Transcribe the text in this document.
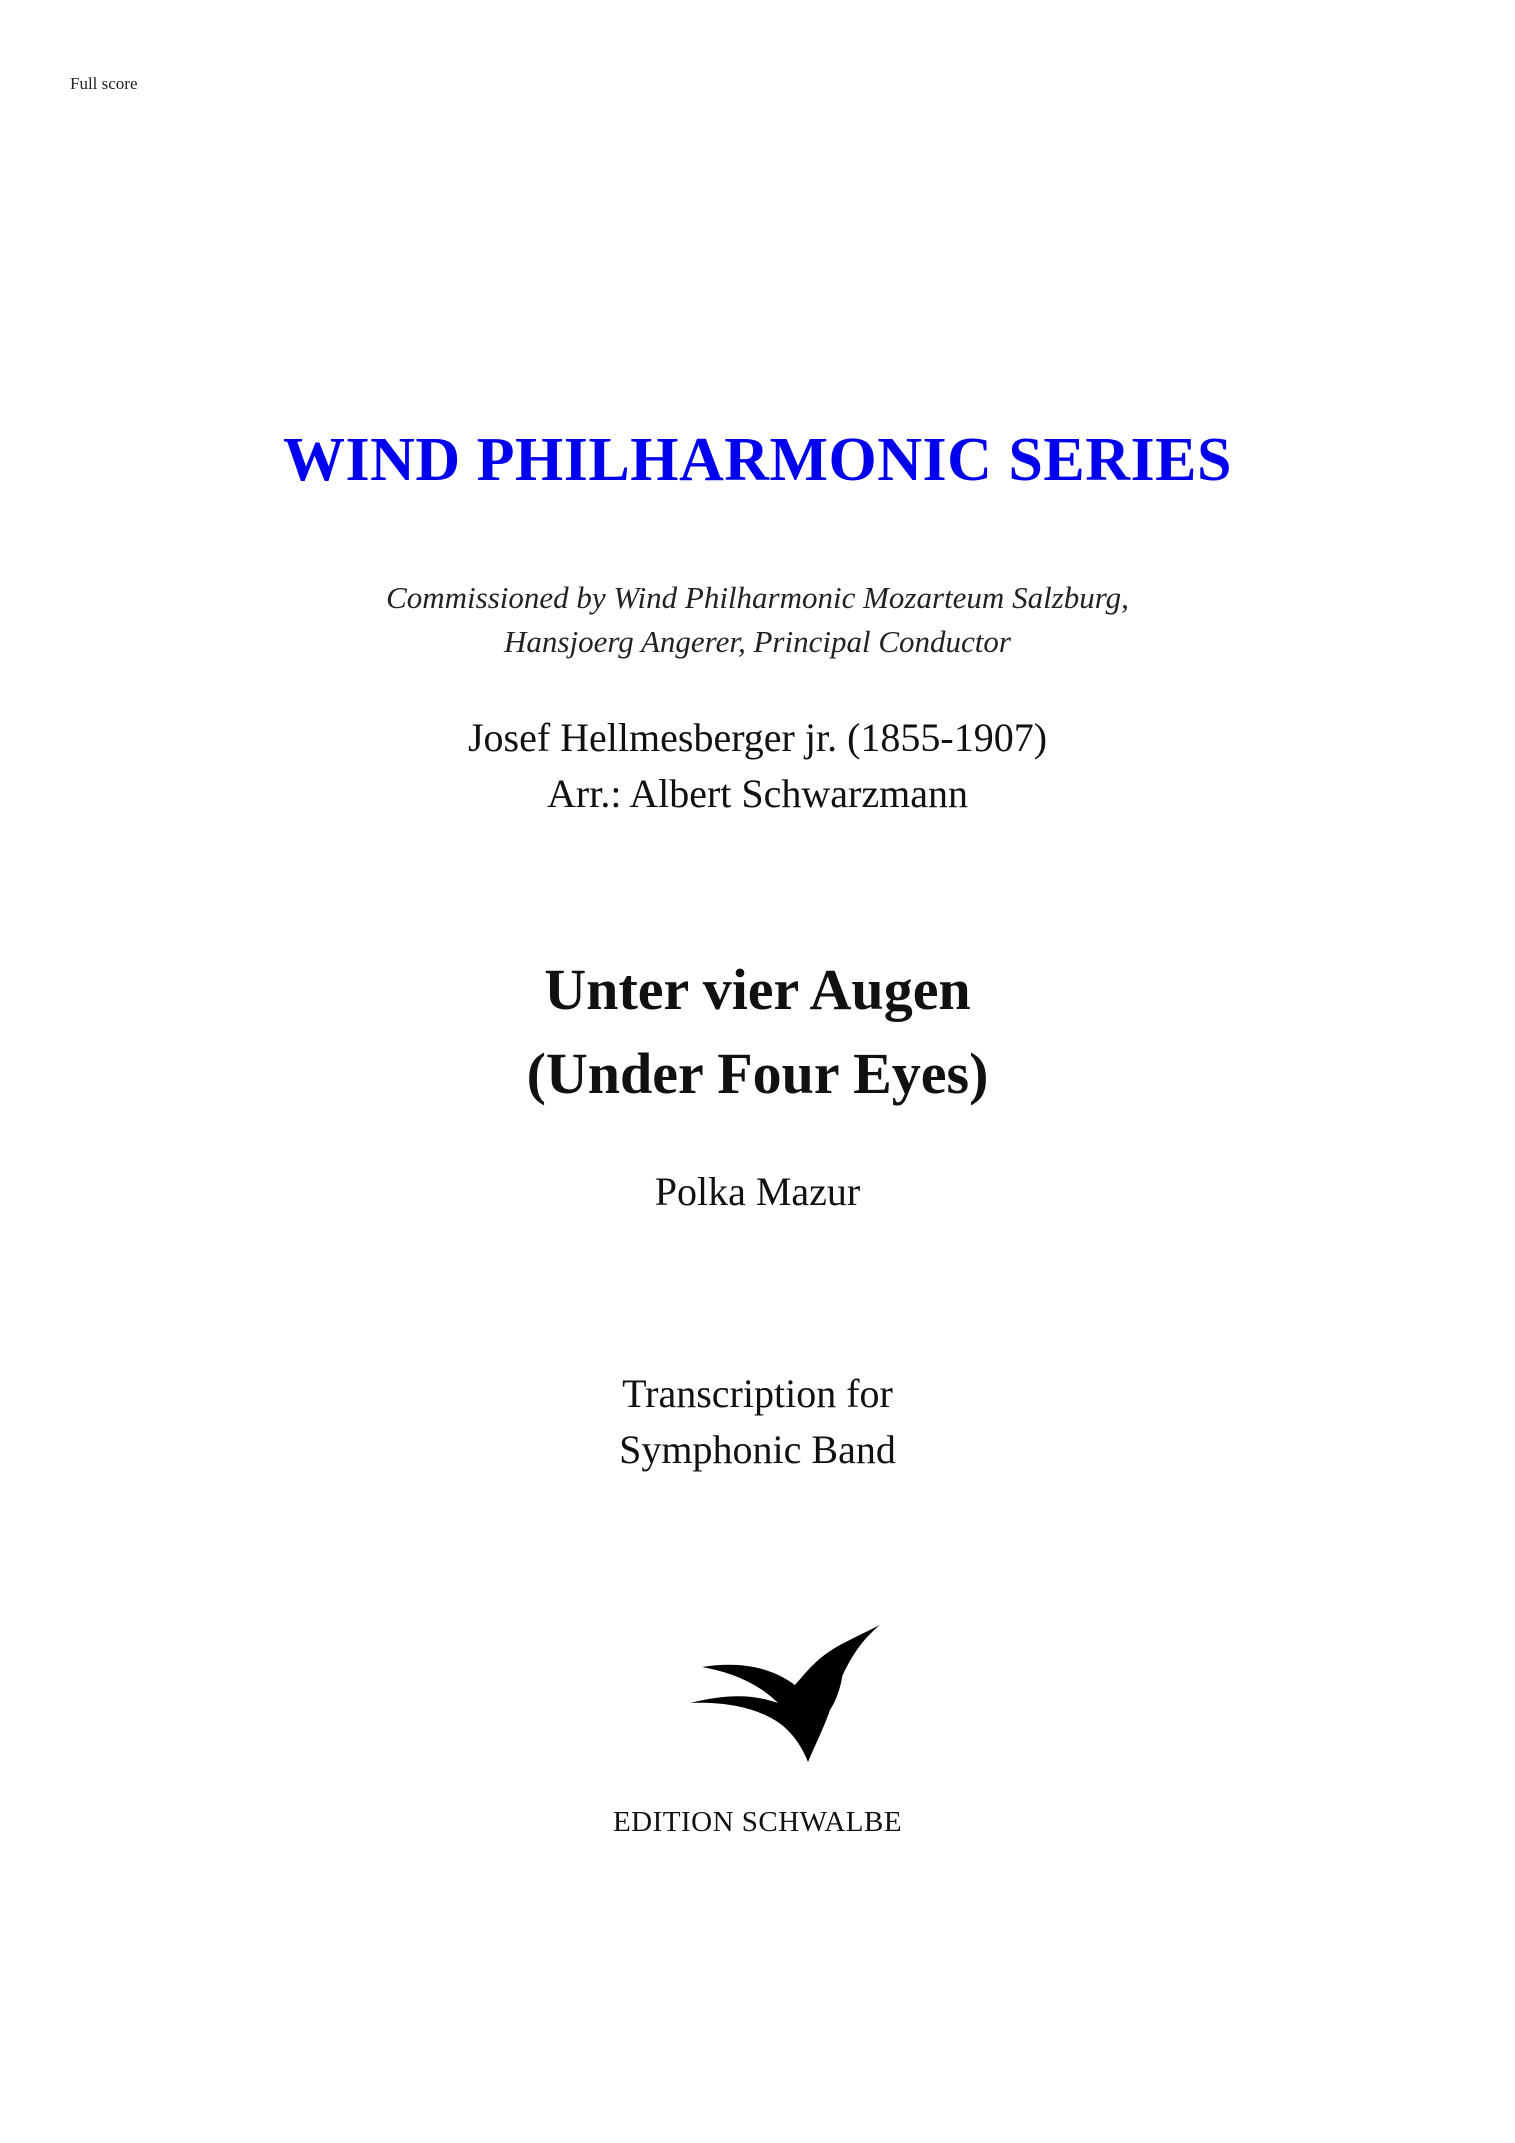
Full score
WIND PHILHARMONIC SERIES
Commissioned by Wind Philharmonic Mozarteum Salzburg,
Hansjoerg Angerer, Principal Conductor
Josef Hellmesberger jr. (1855-1907)
Arr.: Albert Schwarzmann
Unter vier Augen
(Under Four Eyes)
Polka Mazur
Transcription for
Symphonic Band
EDITION SCHWALBE
